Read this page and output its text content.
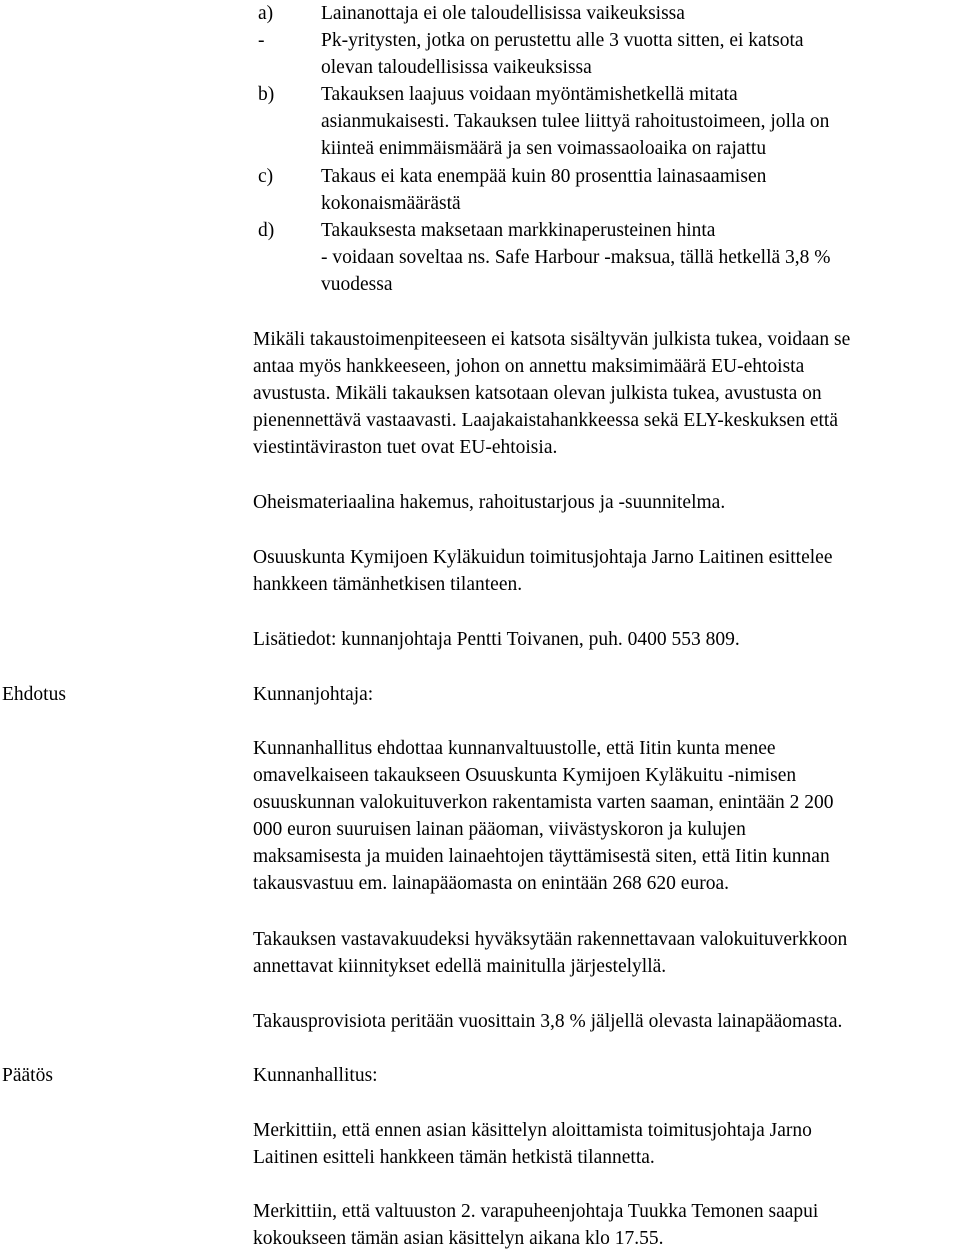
a) Lainanottaja ei ole taloudellisissa vaikeuksissa
-	Pk-yritysten, jotka on perustettu alle 3 vuotta sitten, ei katsota
olevan taloudellisissa vaikeuksissa
b) Takauksen laajuus voidaan myöntämishetkellä mitata
asianmukaisesti. Takauksen tulee liittyä rahoitustoimeen, jolla on
kiinteä enimmäismäärä ja sen voimassaoloaika on rajattu
c) Takaus ei kata enempää kuin 80 prosenttia lainasaamisen
kokonaismäärästä
d) Takauksesta maksetaan markkinaperusteinen hinta
- voidaan soveltaa ns. Safe Harbour -maksua, tällä hetkellä 3,8 %
vuodessa
Mikäli takaustoimenpiteeseen ei katsota sisältyvän julkista tukea, voidaan se
antaa myös hankkeeseen, johon on annettu maksimimäärä EU-ehtoista
avustusta. Mikäli takauksen katsotaan olevan julkista tukea, avustusta on
pienennettävä vastaavasti. Laajakaistahankkeessa sekä ELY-keskuksen että
viestintäviraston tuet ovat EU-ehtoisia.
Oheismateriaalina hakemus, rahoitustarjous ja -suunnitelma.
Osuuskunta Kymijoen Kyläkuidun toimitusjohtaja Jarno Laitinen esittelee
hankkeen tämänhetkisen tilanteen.
Lisätiedot: kunnanjohtaja Pentti Toivanen, puh. 0400 553 809.
Ehdotus	Kunnanjohtaja:
Kunnanhallitus ehdottaa kunnanvaltuustolle, että Iitin kunta menee
omavelkaiseen takaukseen Osuuskunta Kymijoen Kyläkuitu -nimisen
osuuskunnan valokuituverkon rakentamista varten saaman, enintään 2 200
000 euron suuruisen lainan pääoman, viivästyskoron ja kulujen
maksamisesta ja muiden lainaehtojen täyttämisestä siten, että Iitin kunnan
takausvastuu em. lainapääomasta on enintään 268 620 euroa.
Takauksen vastavakuudeksi hyväksytään rakennettavaan valokuituverkkoon
annettavat kiinnitykset edellä mainitulla järjestelyllä.
Takausprovisiota peritään vuosittain 3,8 % jäljellä olevasta lainapääomasta.
Päätös	Kunnanhallitus:
Merkittiin, että ennen asian käsittelyn aloittamista toimitusjohtaja Jarno
Laitinen esitteli hankkeen tämän hetkistä tilannetta.
Merkittiin, että valtuuston 2. varapuheenjohtaja Tuukka Temonen saapui
kokoukseen tämän asian käsittelyn aikana klo 17.55.
